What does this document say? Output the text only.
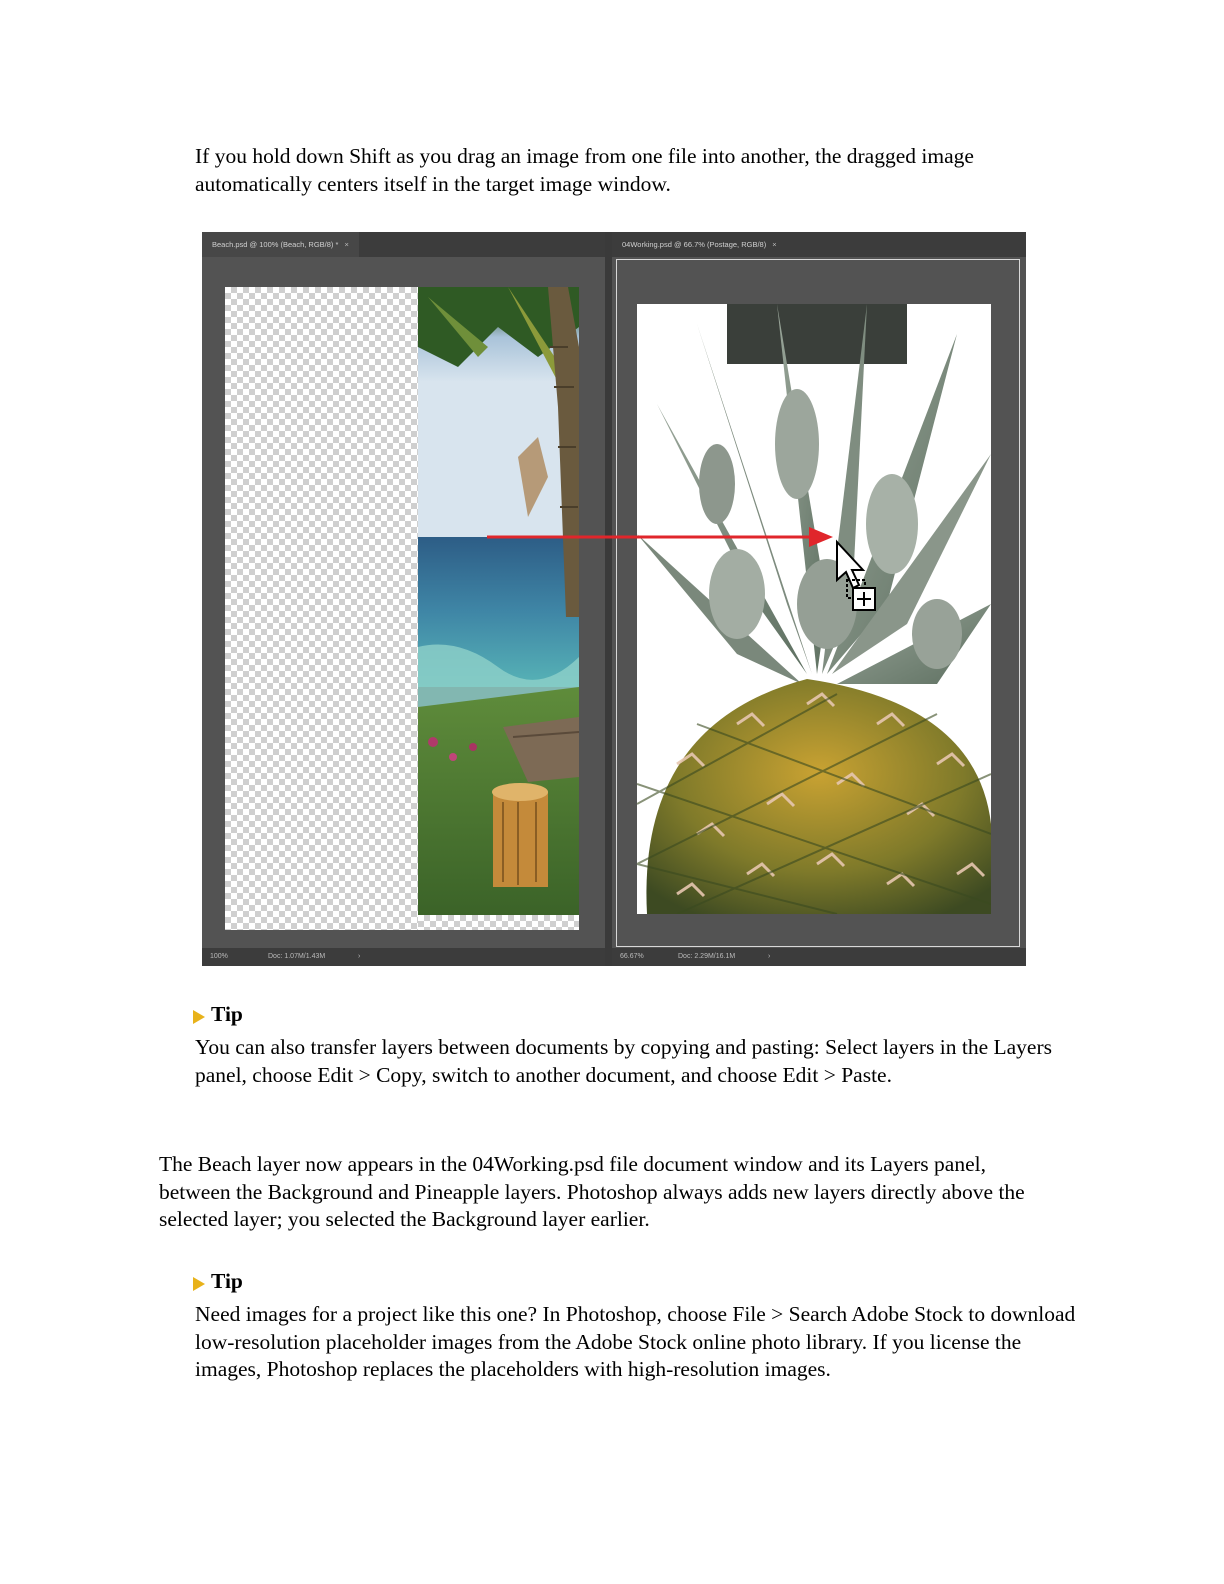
If you hold down Shift as you drag an image from one file into another, the dragged image automatically centers itself in the target image window.

Beach.psd @ 100% (Beach, RGB/8) * ×
100%	Doc: 1.07M/1.43M	›
04Working.psd @ 66.7% (Postage, RGB/8) ×
66.67%	Doc: 2.29M/16.1M	›
Tip

You can also transfer layers between documents by copying and pasting: Select layers in the Layers panel, choose Edit > Copy, switch to another document, and choose Edit > Paste.

The Beach layer now appears in the 04Working.psd file document window and its Layers panel, between the Background and Pineapple layers. Photoshop always adds new layers directly above the selected layer; you selected the Background layer earlier.

Tip

Need images for a project like this one? In Photoshop, choose File > Search Adobe Stock to download low-resolution placeholder images from the Adobe Stock online photo library. If you license the images, Photoshop replaces the placeholders with high-resolution images.
